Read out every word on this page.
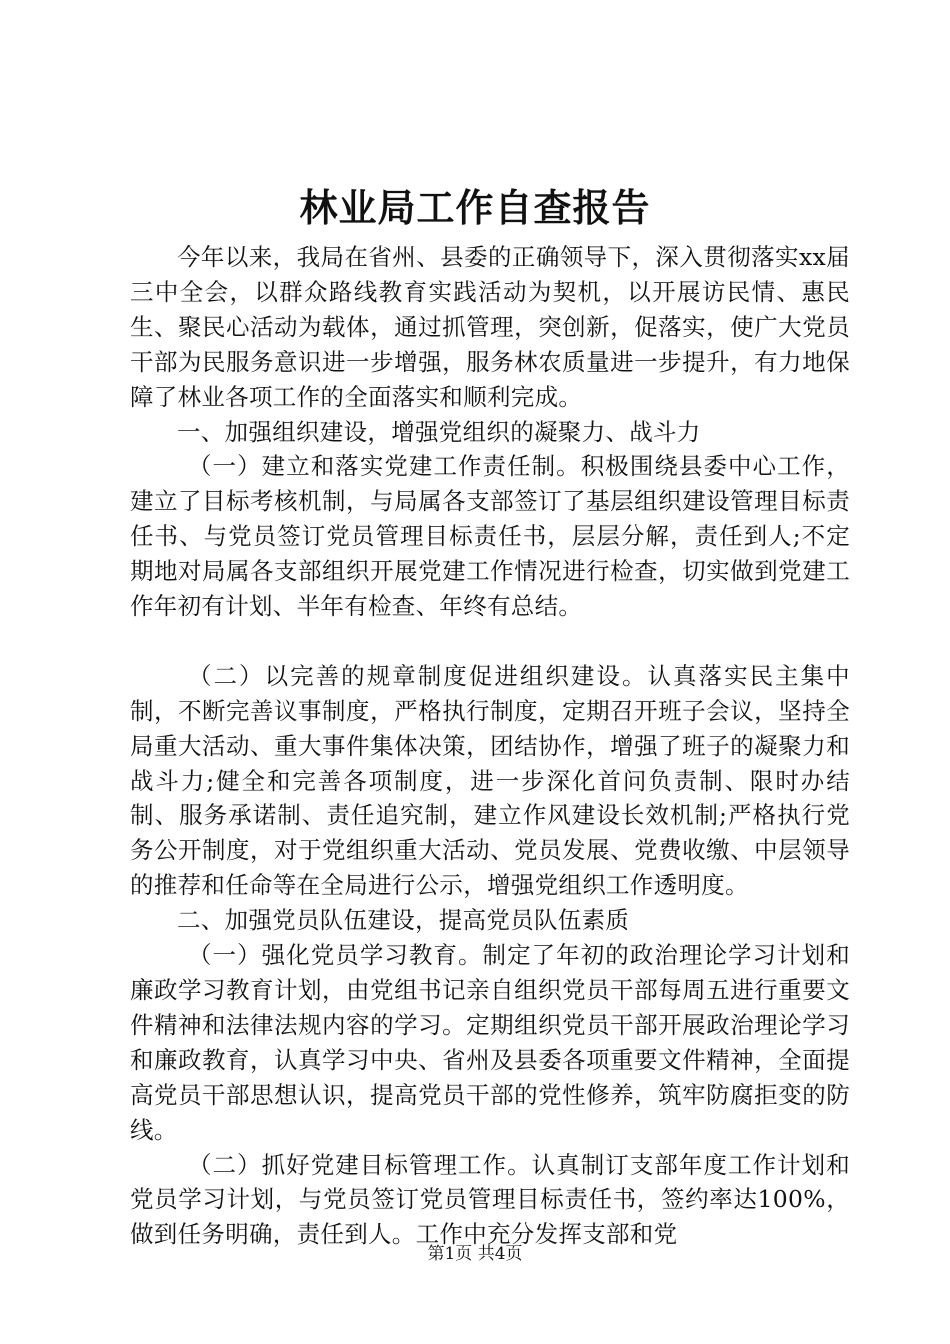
林业局工作自查报告

今年以来，我局在省州、县委的正确领导下，深入贯彻落实xx届三中全会，以群众路线教育实践活动为契机，以开展访民情、惠民生、聚民心活动为载体，通过抓管理，突创新，促落实，使广大党员干部为民服务意识进一步增强，服务林农质量进一步提升，有力地保障了林业各项工作的全面落实和顺利完成。

一、加强组织建设，增强党组织的凝聚力、战斗力

（一）建立和落实党建工作责任制。积极围绕县委中心工作，建立了目标考核机制，与局属各支部签订了基层组织建设管理目标责任书、与党员签订党员管理目标责任书，层层分解，责任到人;不定期地对局属各支部组织开展党建工作情况进行检查，切实做到党建工作年初有计划、半年有检查、年终有总结。

（二）以完善的规章制度促进组织建设。认真落实民主集中制，不断完善议事制度，严格执行制度，定期召开班子会议，坚持全局重大活动、重大事件集体决策，团结协作，增强了班子的凝聚力和战斗力;健全和完善各项制度，进一步深化首问负责制、限时办结制、服务承诺制、责任追究制，建立作风建设长效机制;严格执行党务公开制度，对于党组织重大活动、党员发展、党费收缴、中层领导的推荐和任命等在全局进行公示，增强党组织工作透明度。

二、加强党员队伍建设，提高党员队伍素质

（一）强化党员学习教育。制定了年初的政治理论学习计划和廉政学习教育计划，由党组书记亲自组织党员干部每周五进行重要文件精神和法律法规内容的学习。定期组织党员干部开展政治理论学习和廉政教育，认真学习中央、省州及县委各项重要文件精神，全面提高党员干部思想认识，提高党员干部的党性修养，筑牢防腐拒变的防线。

（二）抓好党建目标管理工作。认真制订支部年度工作计划和党员学习计划，与党员签订党员管理目标责任书，签约率达100%，做到任务明确，责任到人。工作中充分发挥支部和党

第1页 共4页
